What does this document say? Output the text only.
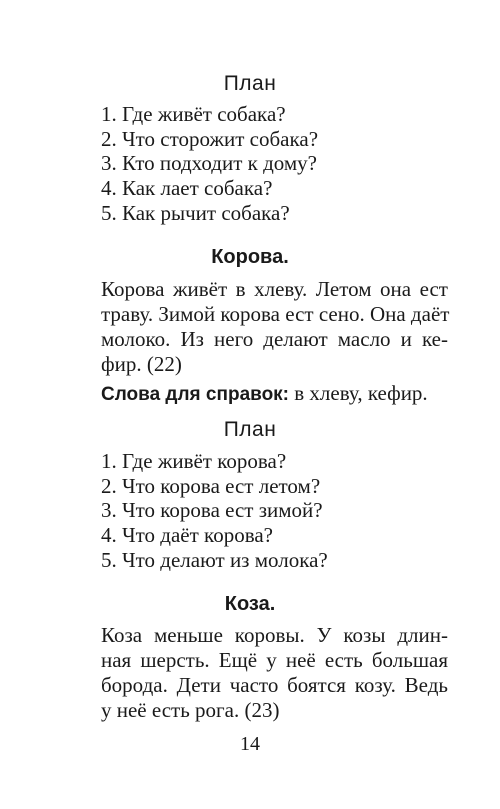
План
1. Где живёт собака?
2. Что сторожит собака?
3. Кто подходит к дому?
4. Как лает собака?
5. Как рычит собака?
Корова.
Корова живёт в хлеву. Летом она ест
траву. Зимой корова ест сено. Она даёт
молоко. Из него делают масло и ке-
фир. (22)
Слова для справок: в хлеву, кефир.
План
1. Где живёт корова?
2. Что корова ест летом?
3. Что корова ест зимой?
4. Что даёт корова?
5. Что делают из молока?
Коза.
Коза меньше коровы. У козы длин-
ная шерсть. Ещё у неё есть большая
борода. Дети часто боятся козу. Ведь
у неё есть рога. (23)
14
